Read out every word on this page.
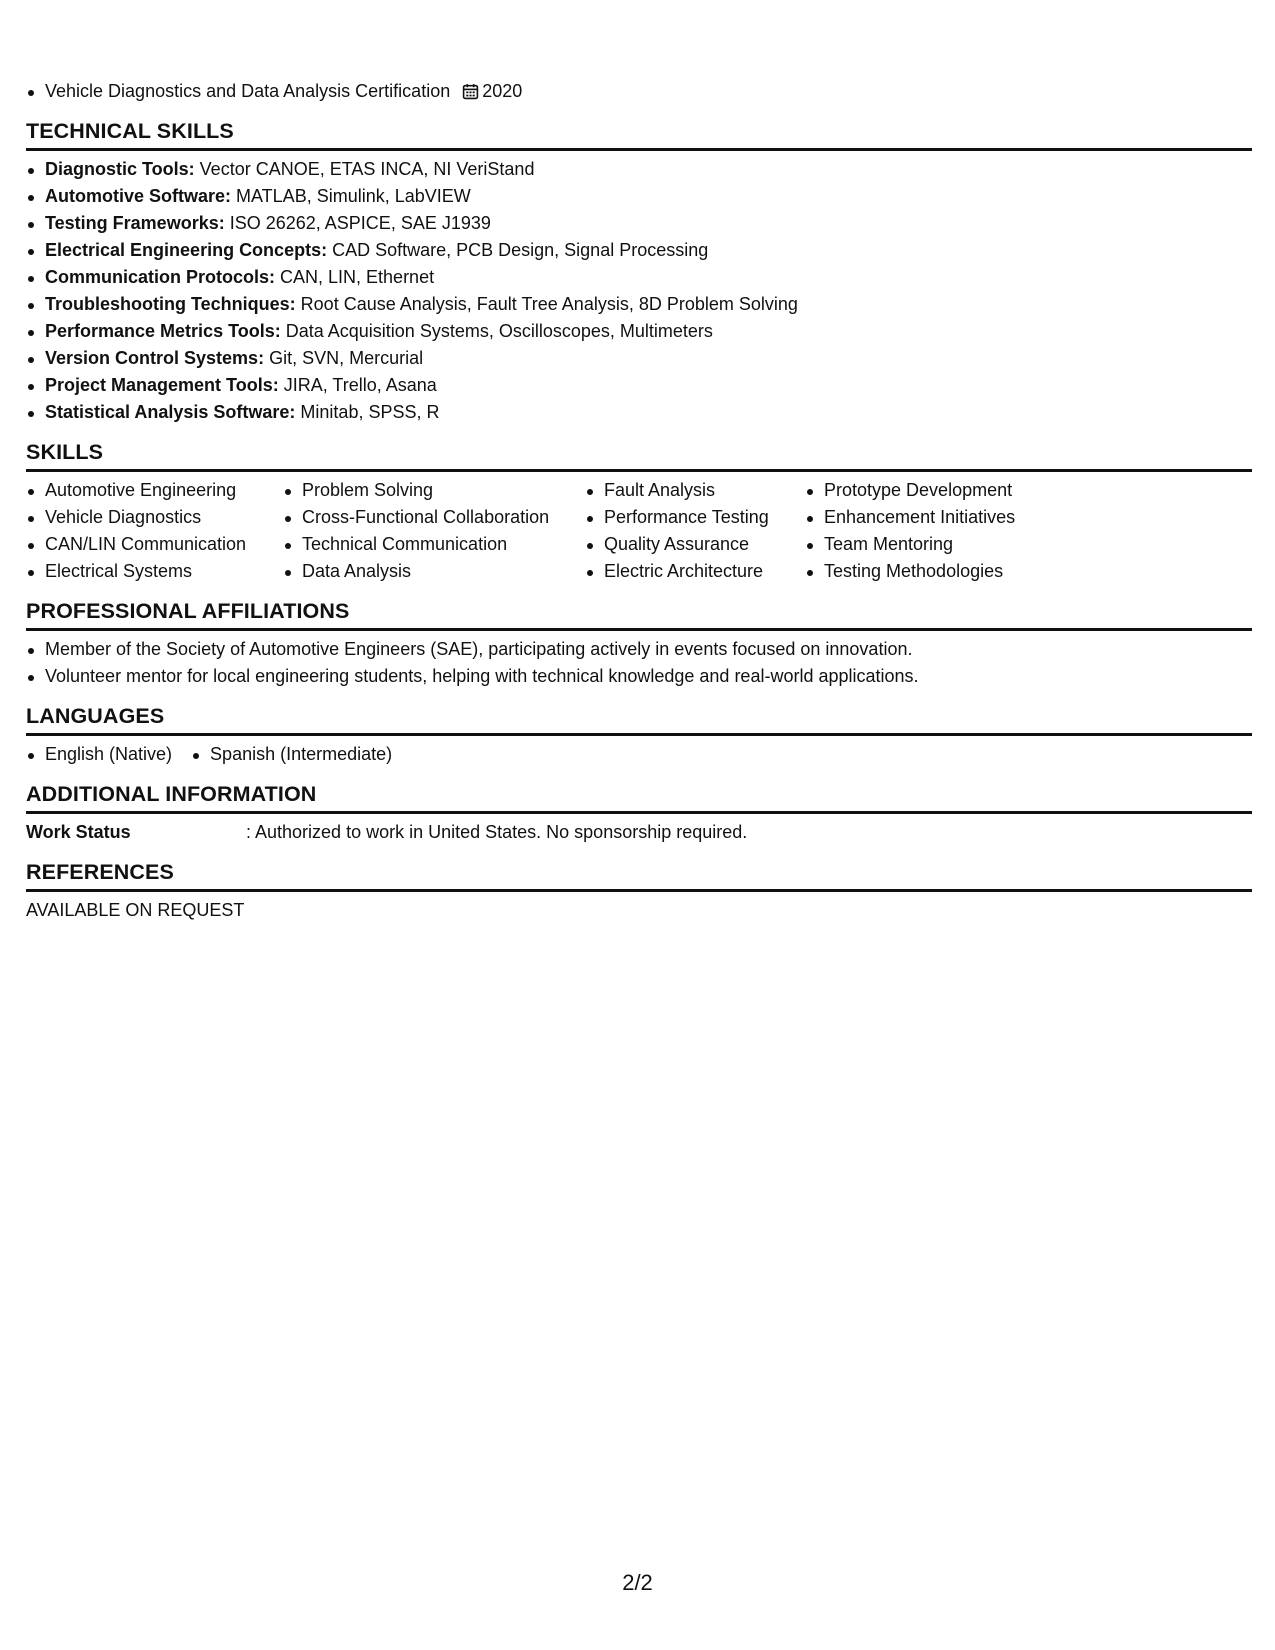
Vehicle Diagnostics and Data Analysis Certification 2020
TECHNICAL SKILLS
Diagnostic Tools: Vector CANOE, ETAS INCA, NI VeriStand
Automotive Software: MATLAB, Simulink, LabVIEW
Testing Frameworks: ISO 26262, ASPICE, SAE J1939
Electrical Engineering Concepts: CAD Software, PCB Design, Signal Processing
Communication Protocols: CAN, LIN, Ethernet
Troubleshooting Techniques: Root Cause Analysis, Fault Tree Analysis, 8D Problem Solving
Performance Metrics Tools: Data Acquisition Systems, Oscilloscopes, Multimeters
Version Control Systems: Git, SVN, Mercurial
Project Management Tools: JIRA, Trello, Asana
Statistical Analysis Software: Minitab, SPSS, R
SKILLS
Automotive Engineering
Vehicle Diagnostics
CAN/LIN Communication
Electrical Systems
Problem Solving
Cross-Functional Collaboration
Technical Communication
Data Analysis
Fault Analysis
Performance Testing
Quality Assurance
Electric Architecture
Prototype Development
Enhancement Initiatives
Team Mentoring
Testing Methodologies
PROFESSIONAL AFFILIATIONS
Member of the Society of Automotive Engineers (SAE), participating actively in events focused on innovation.
Volunteer mentor for local engineering students, helping with technical knowledge and real-world applications.
LANGUAGES
English (Native)	Spanish (Intermediate)
ADDITIONAL INFORMATION
Work Status	: Authorized to work in United States. No sponsorship required.
REFERENCES
AVAILABLE ON REQUEST
2/2
